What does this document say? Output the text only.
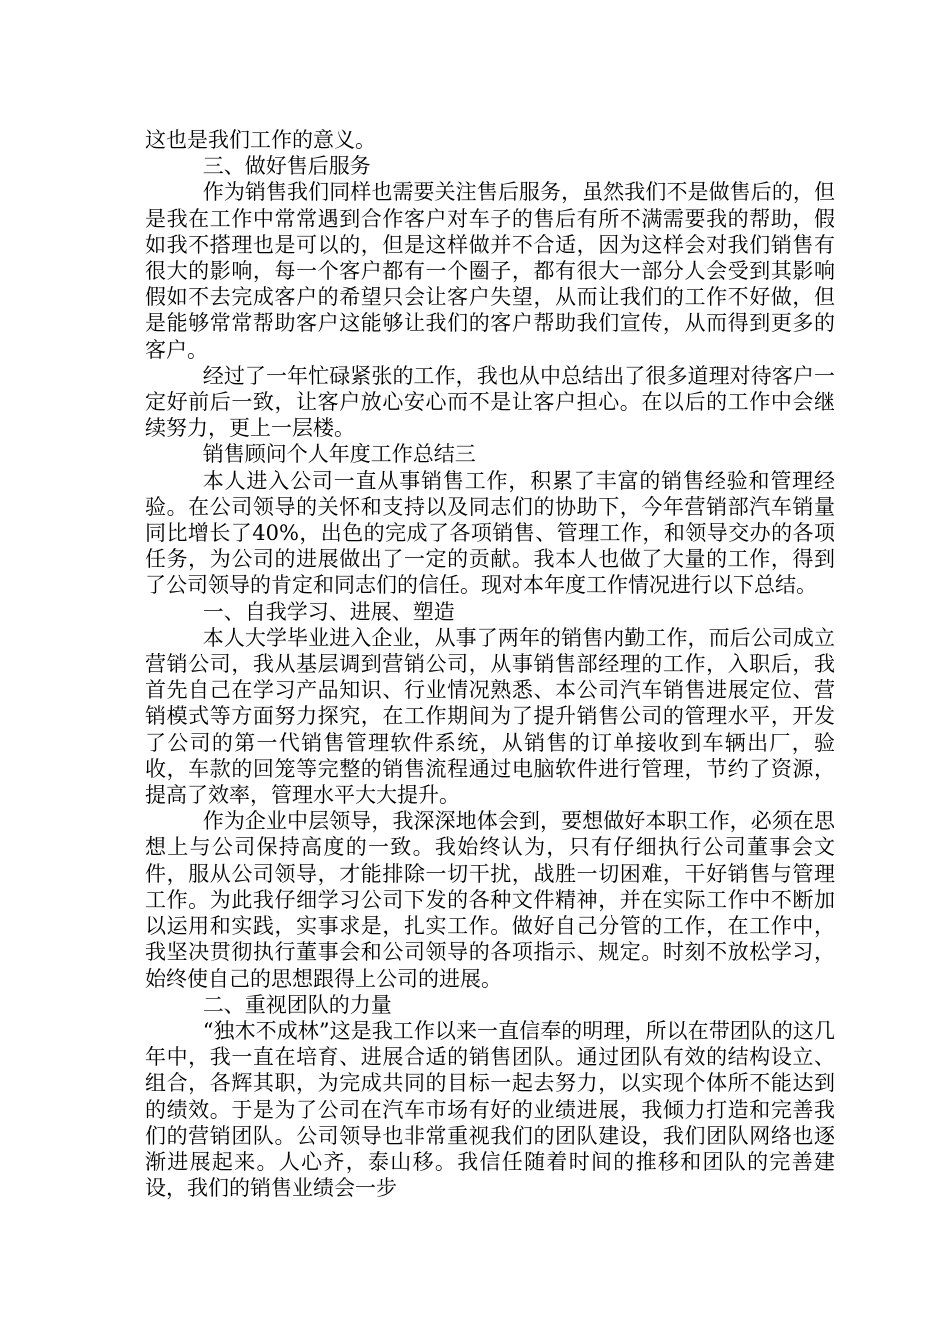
这也是我们工作的意义。

三、做好售后服务

作为销售我们同样也需要关注售后服务，虽然我们不是做售后的，但是我在工作中常常遇到合作客户对车子的售后有所不满需要我的帮助，假如我不搭理也是可以的，但是这样做并不合适，因为这样会对我们销售有很大的影响，每一个客户都有一个圈子，都有很大一部分人会受到其影响假如不去完成客户的希望只会让客户失望，从而让我们的工作不好做，但是能够常常帮助客户这能够让我们的客户帮助我们宣传，从而得到更多的客户。

经过了一年忙碌紧张的工作，我也从中总结出了很多道理对待客户一定好前后一致，让客户放心安心而不是让客户担心。在以后的工作中会继续努力，更上一层楼。

销售顾问个人年度工作总结三

本人进入公司一直从事销售工作，积累了丰富的销售经验和管理经验。在公司领导的关怀和支持以及同志们的协助下，今年营销部汽车销量同比增长了40%，出色的完成了各项销售、管理工作，和领导交办的各项任务，为公司的进展做出了一定的贡献。我本人也做了大量的工作，得到了公司领导的肯定和同志们的信任。现对本年度工作情况进行以下总结。

一、自我学习、进展、塑造

本人大学毕业进入企业，从事了两年的销售内勤工作，而后公司成立营销公司，我从基层调到营销公司，从事销售部经理的工作，入职后，我首先自己在学习产品知识、行业情况熟悉、本公司汽车销售进展定位、营销模式等方面努力探究，在工作期间为了提升销售公司的管理水平，开发了公司的第一代销售管理软件系统，从销售的订单接收到车辆出厂，验收，车款的回笼等完整的销售流程通过电脑软件进行管理，节约了资源，提高了效率，管理水平大大提升。

作为企业中层领导，我深深地体会到，要想做好本职工作，必须在思想上与公司保持高度的一致。我始终认为，只有仔细执行公司董事会文件，服从公司领导，才能排除一切干扰，战胜一切困难，干好销售与管理工作。为此我仔细学习公司下发的各种文件精神，并在实际工作中不断加以运用和实践，实事求是，扎实工作。做好自己分管的工作，在工作中，我坚决贯彻执行董事会和公司领导的各项指示、规定。时刻不放松学习，始终使自己的思想跟得上公司的进展。

二、重视团队的力量

“独木不成林”这是我工作以来一直信奉的明理，所以在带团队的这几年中，我一直在培育、进展合适的销售团队。通过团队有效的结构设立、组合，各辉其职，为完成共同的目标一起去努力，以实现个体所不能达到的绩效。于是为了公司在汽车市场有好的业绩进展，我倾力打造和完善我们的营销团队。公司领导也非常重视我们的团队建设，我们团队网络也逐渐进展起来。人心齐，泰山移。我信任随着时间的推移和团队的完善建设，我们的销售业绩会一步
